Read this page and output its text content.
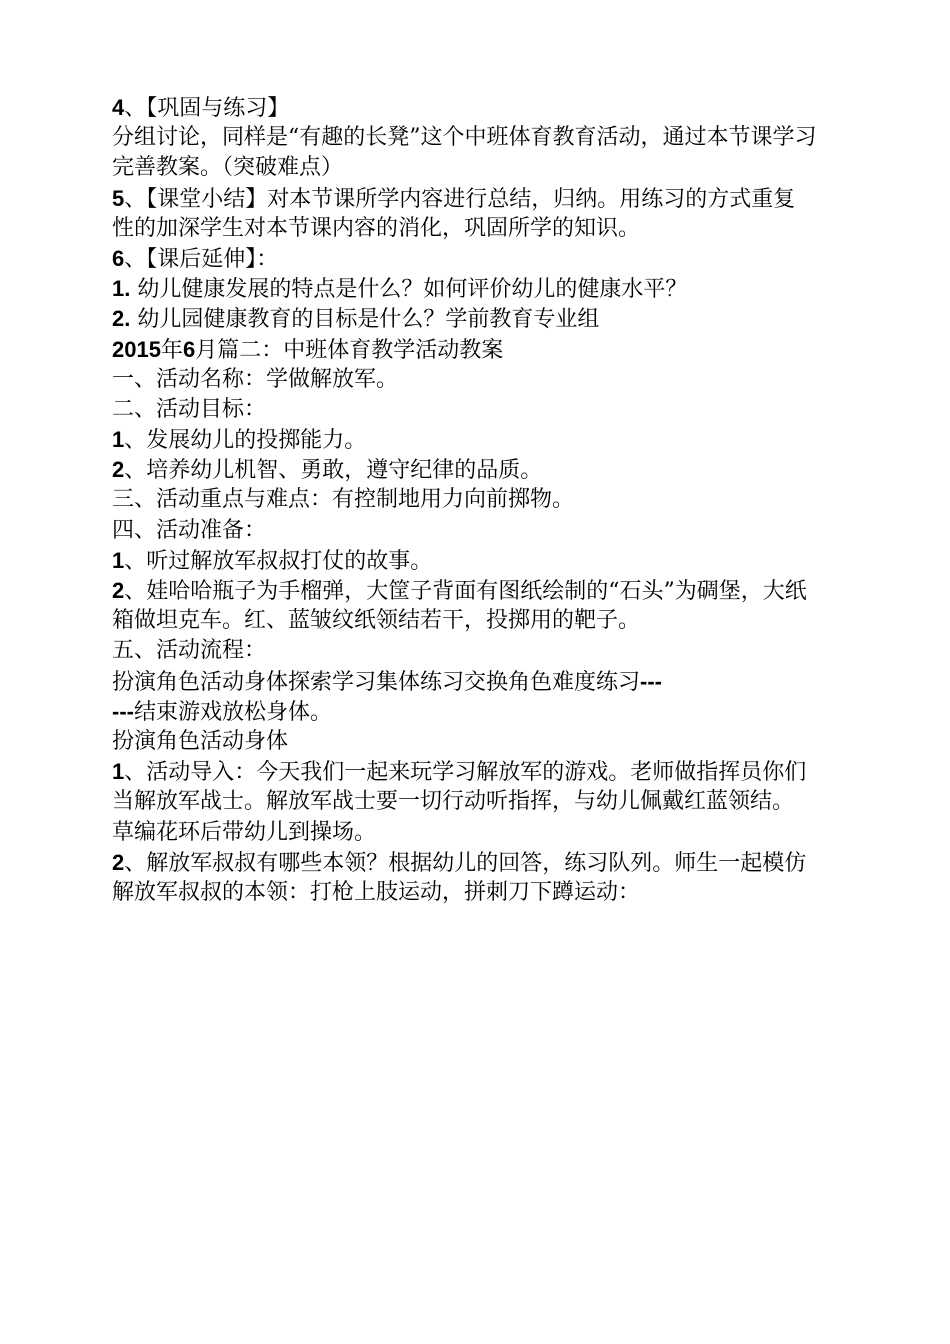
4、【巩固与练习】
分组讨论，同样是“有趣的长凳”这个中班体育教育活动，通过本节课学习
完善教案。（突破难点）
5、【课堂小结】对本节课所学内容进行总结，归纳。用练习的方式重复
性的加深学生对本节课内容的消化，巩固所学的知识。
6、【课后延伸】：
1. 幼儿健康发展的特点是什么？如何评价幼儿的健康水平？
2. 幼儿园健康教育的目标是什么？学前教育专业组
2015年6月篇二：中班体育教学活动教案
一、活动名称：学做解放军。
二、活动目标：
1、发展幼儿的投掷能力。
2、培养幼儿机智、勇敢，遵守纪律的品质。
三、活动重点与难点：有控制地用力向前掷物。
四、活动准备：
1、听过解放军叔叔打仗的故事。
2、娃哈哈瓶子为手榴弹，大筐子背面有图纸绘制的“石头”为碉堡，大纸
箱做坦克车。红、蓝皱纹纸领结若干，投掷用的靶子。
五、活动流程：
扮演角色活动身体探索学习集体练习交换角色难度练习---
---结束游戏放松身体。
扮演角色活动身体
1、活动导入：今天我们一起来玩学习解放军的游戏。老师做指挥员你们
当解放军战士。解放军战士要一切行动听指挥，与幼儿佩戴红蓝领结。
草编花环后带幼儿到操场。
2、解放军叔叔有哪些本领？根据幼儿的回答，练习队列。师生一起模仿
解放军叔叔的本领：打枪上肢运动，拼刺刀下蹲运动：
